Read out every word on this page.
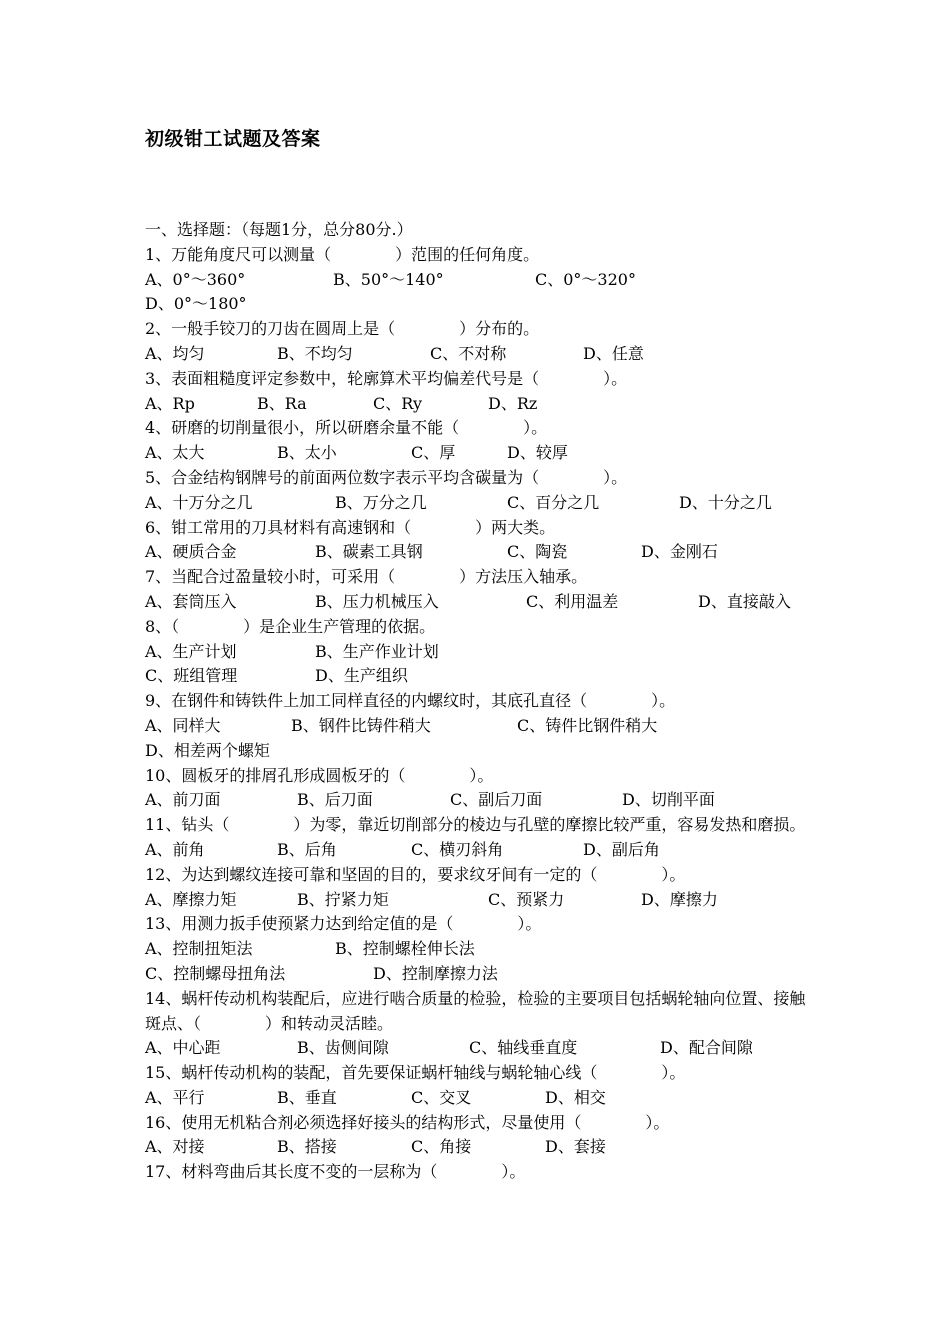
初级钳工试题及答案
一、选择题：（每题1分，总分80分.）
1、万能角度尺可以测量（　　　　）范围的任何角度。
A、0°～360°	B、50°～140°	C、0°～320°
D、0°～180°
2、一般手铰刀的刀齿在圆周上是（　　　　）分布的。
A、均匀	B、不均匀	C、不对称	D、任意
3、表面粗糙度评定参数中，轮廓算术平均偏差代号是（　　　　）。
A、Rp	B、Ra	C、Ry	D、Rz
4、研磨的切削量很小，所以研磨余量不能（　　　　）。
A、太大	B、太小	C、厚	D、较厚
5、合金结构钢牌号的前面两位数字表示平均含碳量为（　　　　）。
A、十万分之几	B、万分之几	C、百分之几	D、十分之几
6、钳工常用的刀具材料有高速钢和（　　　　）两大类。
A、硬质合金	B、碳素工具钢	C、陶瓷	D、金刚石
7、当配合过盈量较小时，可采用（　　　　）方法压入轴承。
A、套筒压入	B、压力机械压入	C、利用温差	D、直接敲入
8、（　　　　）是企业生产管理的依据。
A、生产计划	B、生产作业计划
C、班组管理	D、生产组织
9、在钢件和铸铁件上加工同样直径的内螺纹时，其底孔直径（　　　　）。
A、同样大	B、钢件比铸件稍大	C、铸件比钢件稍大
D、相差两个螺矩
10、圆板牙的排屑孔形成圆板牙的（　　　　）。
A、前刀面	B、后刀面	C、副后刀面	D、切削平面
11、钻头（　　　　）为零，靠近切削部分的棱边与孔壁的摩擦比较严重，容易发热和磨损。
A、前角	B、后角	C、横刃斜角	D、副后角
12、为达到螺纹连接可靠和坚固的目的，要求纹牙间有一定的（　　　　）。
A、摩擦力矩	B、拧紧力矩	C、预紧力	D、摩擦力
13、用测力扳手使预紧力达到给定值的是（　　　　）。
A、控制扭矩法	B、控制螺栓伸长法
C、控制螺母扭角法	D、控制摩擦力法
14、蜗杆传动机构装配后，应进行啮合质量的检验，检验的主要项目包括蜗轮轴向位置、接触斑点、（　　　　）和转动灵活睦。
A、中心距	B、齿侧间隙	C、轴线垂直度	D、配合间隙
15、蜗杆传动机构的装配，首先要保证蜗杆轴线与蜗轮轴心线（　　　　）。
A、平行	B、垂直	C、交叉	D、相交
16、使用无机粘合剂必须选择好接头的结构形式，尽量使用（　　　　）。
A、对接	B、搭接	C、角接	D、套接
17、材料弯曲后其长度不变的一层称为（　　　　）。
